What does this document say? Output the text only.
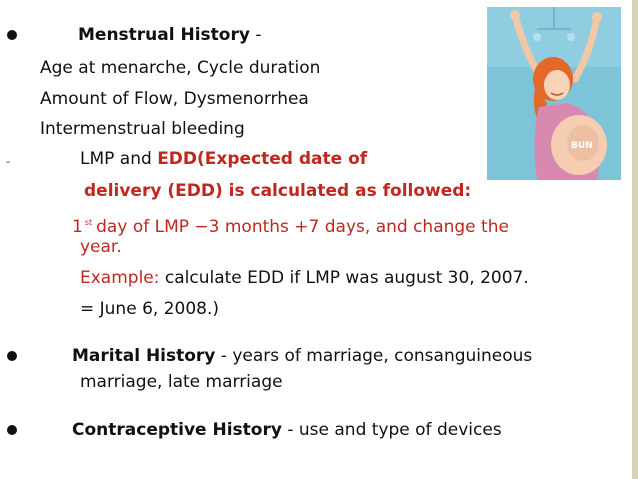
BUN
Menstrual History -
Age at menarche, Cycle duration
Amount of Flow, Dysmenorrhea
Intermenstrual bleeding
-	LMP and EDD(Expected date of
delivery (EDD) is calculated as followed:
1 $^{st}$ day of LMP −3 months +7 days, and change the
year.
Example: calculate EDD if LMP was august 30, 2007.
= June 6, 2008.)
Marital History - years of marriage, consanguineous
marriage, late marriage
Contraceptive History - use and type of devices
